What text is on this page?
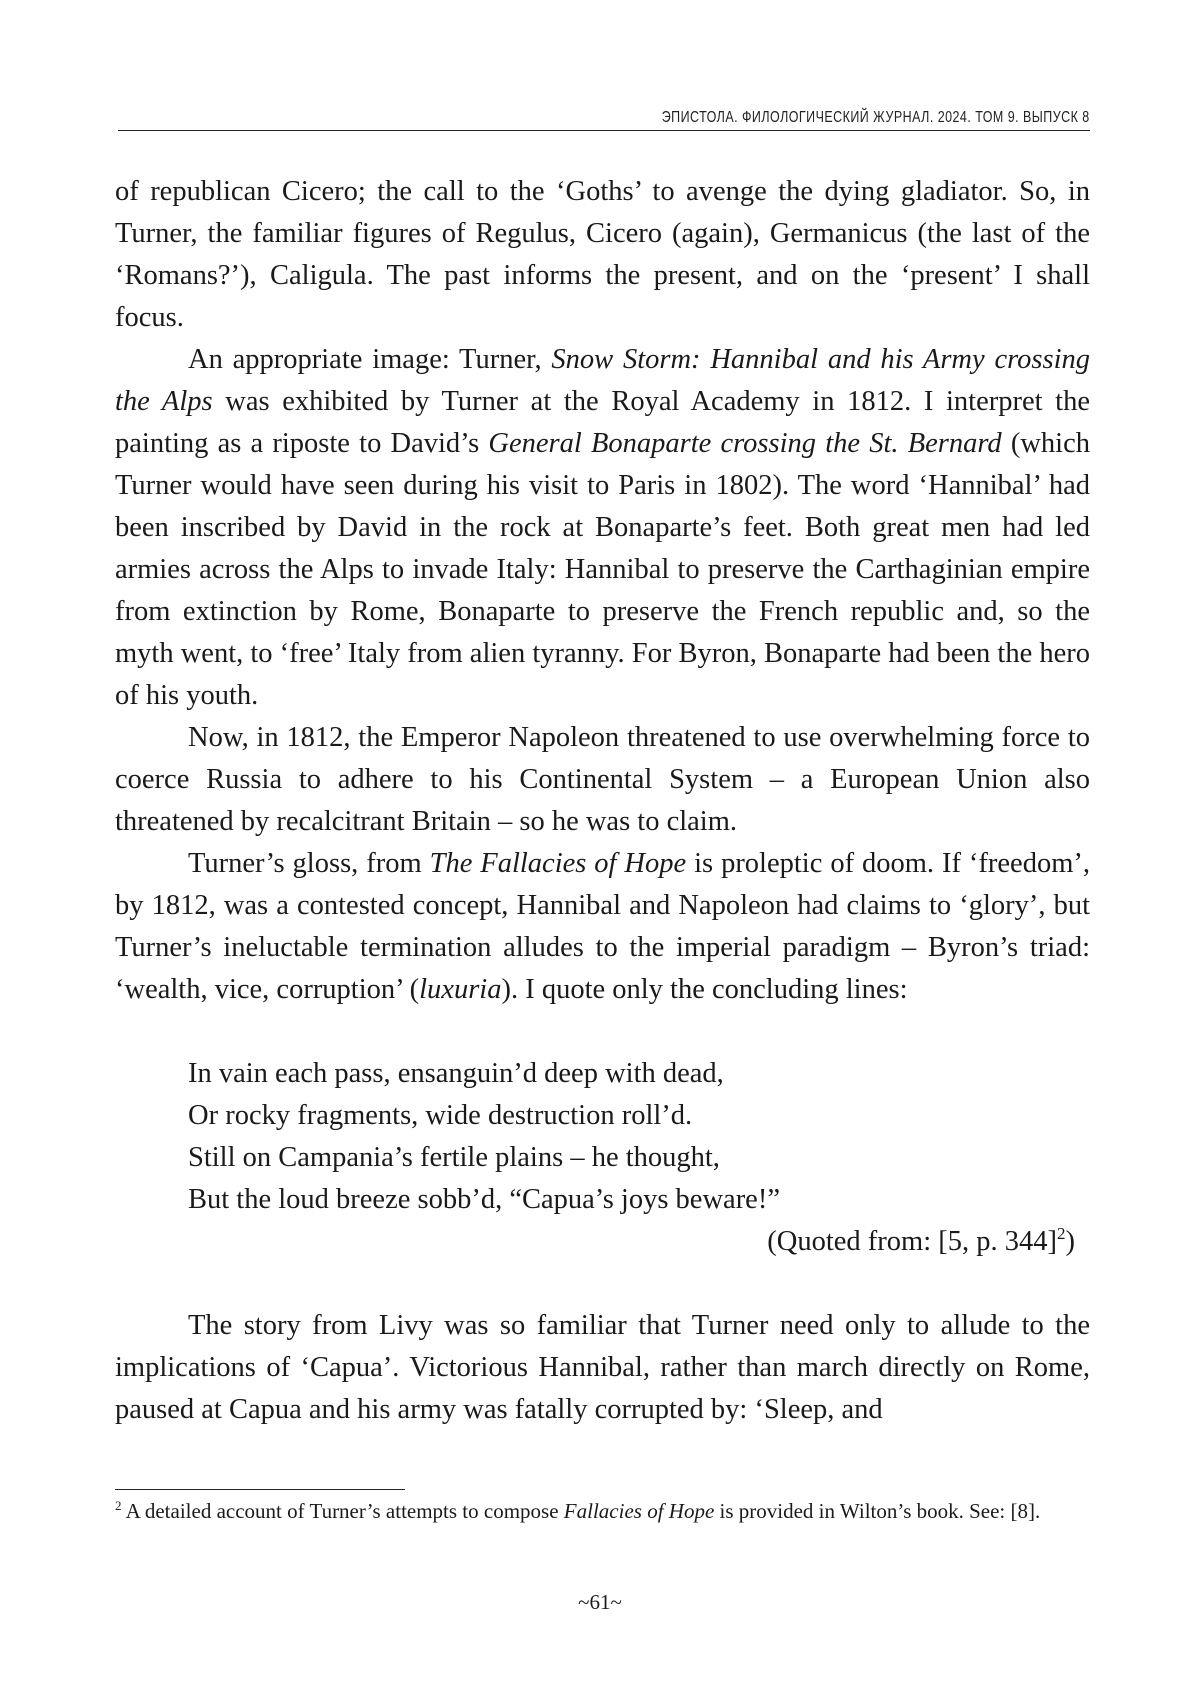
ЭПИСТОЛA. ФИЛОЛОГИЧЕСКИЙ ЖУРНАЛ. 2024. ТОМ 9. ВЫПУСК 8

of republican Cicero; the call to the ‘Goths’ to avenge the dying gladiator. So, in Turner, the familiar figures of Regulus, Cicero (again), Germanicus (the last of the ‘Romans?’), Caligula. The past informs the present, and on the ‘present’ I shall focus.

An appropriate image: Turner, Snow Storm: Hannibal and his Army crossing the Alps was exhibited by Turner at the Royal Academy in 1812. I interpret the painting as a riposte to David’s General Bonaparte crossing the St. Bernard (which Turner would have seen during his visit to Paris in 1802). The word ‘Hannibal’ had been inscribed by David in the rock at Bonaparte’s feet. Both great men had led armies across the Alps to invade Italy: Hannibal to preserve the Carthaginian empire from extinction by Rome, Bonaparte to preserve the French republic and, so the myth went, to ‘free’ Italy from alien tyranny. For Byron, Bonaparte had been the hero of his youth.

Now, in 1812, the Emperor Napoleon threatened to use overwhelming force to coerce Russia to adhere to his Continental System – a European Union also threatened by recalcitrant Britain – so he was to claim.

Turner’s gloss, from The Fallacies of Hope is proleptic of doom. If ‘freedom’, by 1812, was a contested concept, Hannibal and Napoleon had claims to ‘glory’, but Turner’s ineluctable termination alludes to the imperial paradigm – Byron’s triad: ‘wealth, vice, corruption’ (luxuria). I quote only the concluding lines:

In vain each pass, ensanguin’d deep with dead,
Or rocky fragments, wide destruction roll’d.
Still on Campania’s fertile plains – he thought,
But the loud breeze sobb’d, “Capua’s joys beware!”
(Quoted from: [5, p. 344]$^2$)

The story from Livy was so familiar that Turner need only to allude to the implications of ‘Capua’. Victorious Hannibal, rather than march directly on Rome, paused at Capua and his army was fatally corrupted by: ‘Sleep, and

$^2$ A detailed account of Turner’s attempts to compose Fallacies of Hope is provided in Wilton’s book. See: [8].
~61~
